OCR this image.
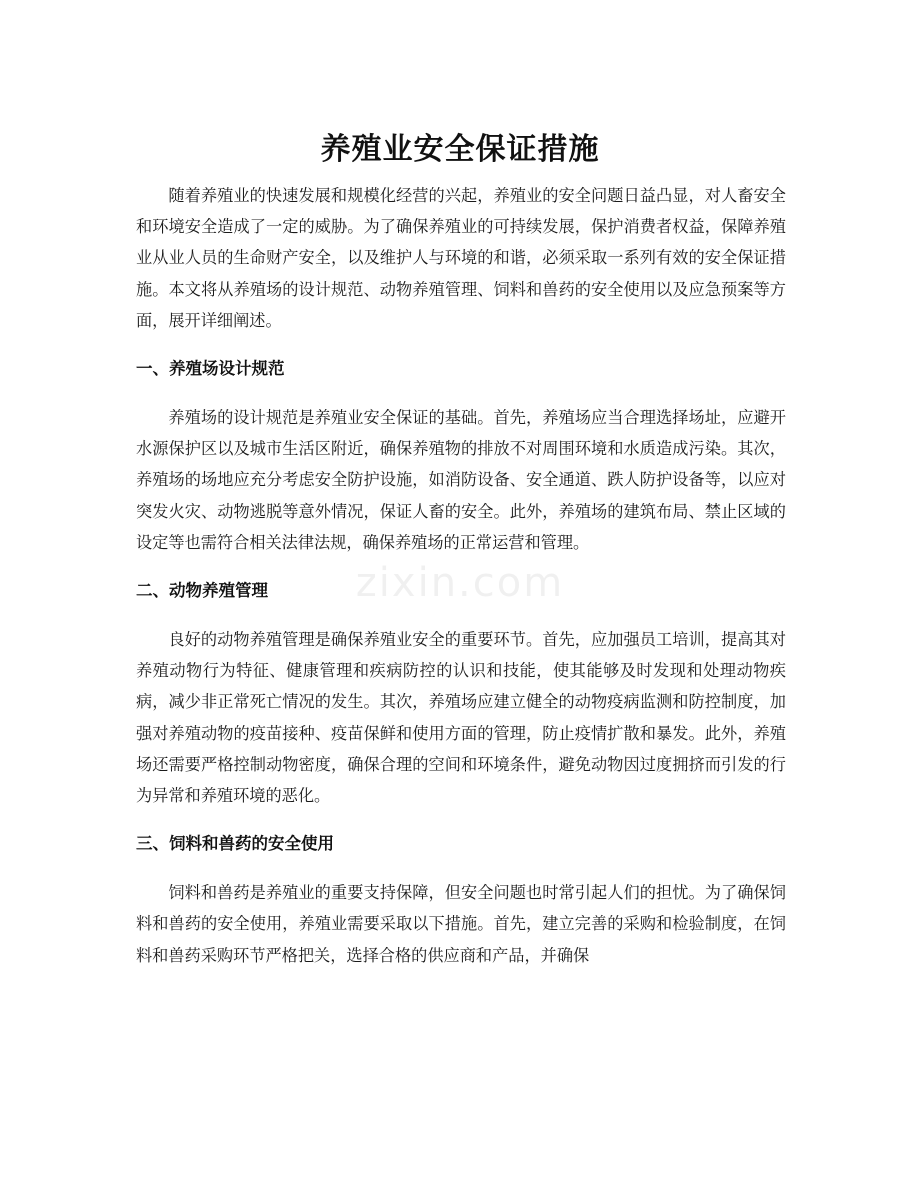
养殖业安全保证措施
zixin.com

随着养殖业的快速发展和规模化经营的兴起，养殖业的安全问题日益凸显，对人畜安全和环境安全造成了一定的威胁。为了确保养殖业的可持续发展，保护消费者权益，保障养殖业从业人员的生命财产安全，以及维护人与环境的和谐，必须采取一系列有效的安全保证措施。本文将从养殖场的设计规范、动物养殖管理、饲料和兽药的安全使用以及应急预案等方面，展开详细阐述。

一、养殖场设计规范

养殖场的设计规范是养殖业安全保证的基础。首先，养殖场应当合理选择场址，应避开水源保护区以及城市生活区附近，确保养殖物的排放不对周围环境和水质造成污染。其次，养殖场的场地应充分考虑安全防护设施，如消防设备、安全通道、跌人防护设备等，以应对突发火灾、动物逃脱等意外情况，保证人畜的安全。此外，养殖场的建筑布局、禁止区域的设定等也需符合相关法律法规，确保养殖场的正常运营和管理。

二、动物养殖管理

良好的动物养殖管理是确保养殖业安全的重要环节。首先，应加强员工培训，提高其对养殖动物行为特征、健康管理和疾病防控的认识和技能，使其能够及时发现和处理动物疾病，减少非正常死亡情况的发生。其次，养殖场应建立健全的动物疫病监测和防控制度，加强对养殖动物的疫苗接种、疫苗保鲜和使用方面的管理，防止疫情扩散和暴发。此外，养殖场还需要严格控制动物密度，确保合理的空间和环境条件，避免动物因过度拥挤而引发的行为异常和养殖环境的恶化。

三、饲料和兽药的安全使用

饲料和兽药是养殖业的重要支持保障，但安全问题也时常引起人们的担忧。为了确保饲料和兽药的安全使用，养殖业需要采取以下措施。首先，建立完善的采购和检验制度，在饲料和兽药采购环节严格把关，选择合格的供应商和产品，并确保
